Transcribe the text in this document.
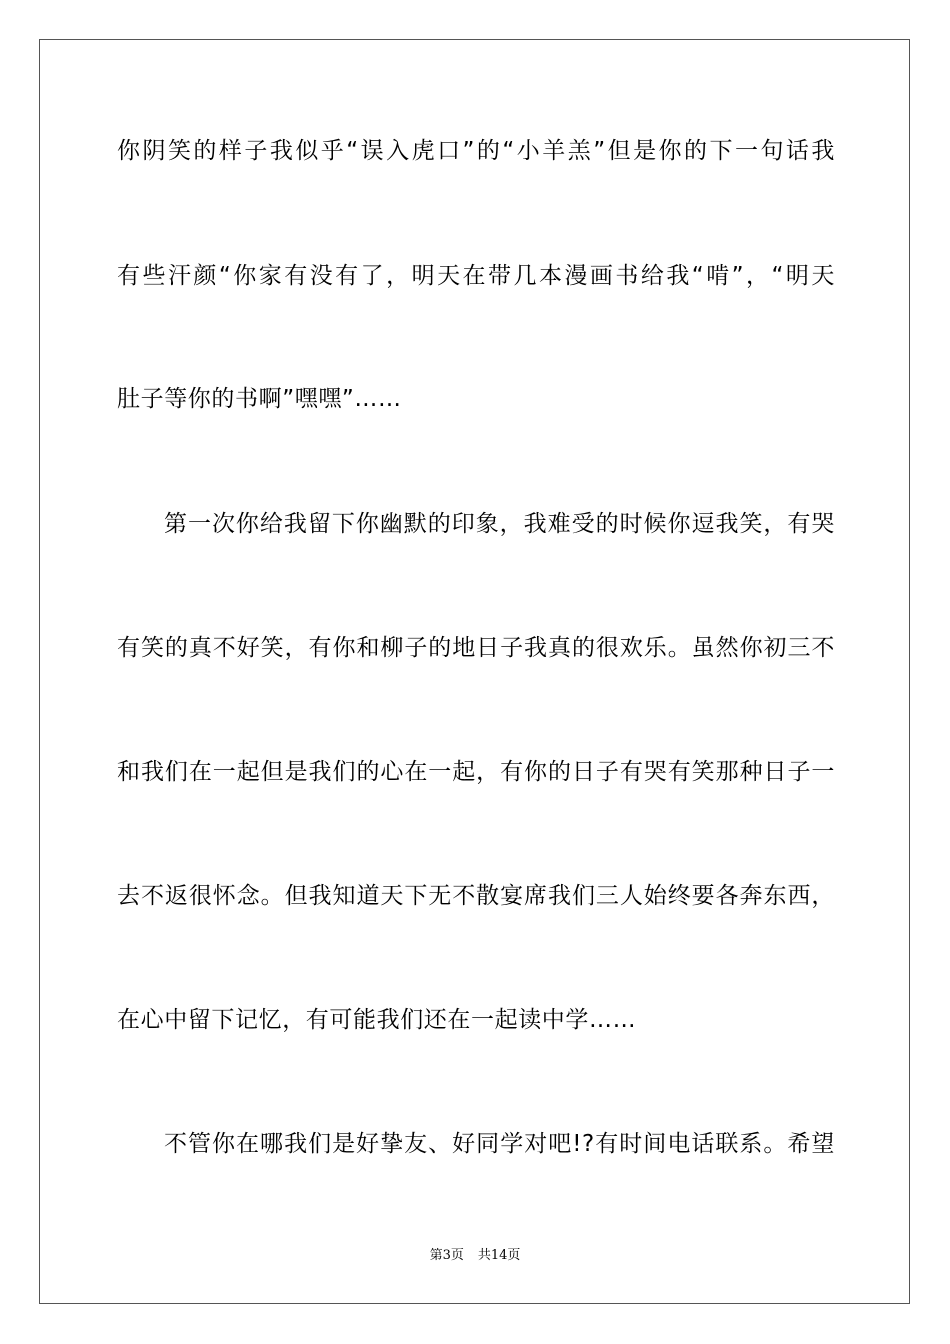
你阴笑的样子我似乎“误入虎口”的“小羊羔”但是你的下一句话我
有些汗颜“你家有没有了，明天在带几本漫画书给我“啃”，“明天
肚子等你的书啊”嘿嘿”……
第一次你给我留下你幽默的印象，我难受的时候你逗我笑，有哭
有笑的真不好笑，有你和柳子的地日子我真的很欢乐。虽然你初三不
和我们在一起但是我们的心在一起，有你的日子有哭有笑那种日子一
去不返很怀念。但我知道天下无不散宴席我们三人始终要各奔东西，
在心中留下记忆，有可能我们还在一起读中学……
不管你在哪我们是好挚友、好同学对吧!?有时间电话联系。希望
第3页 共14页
